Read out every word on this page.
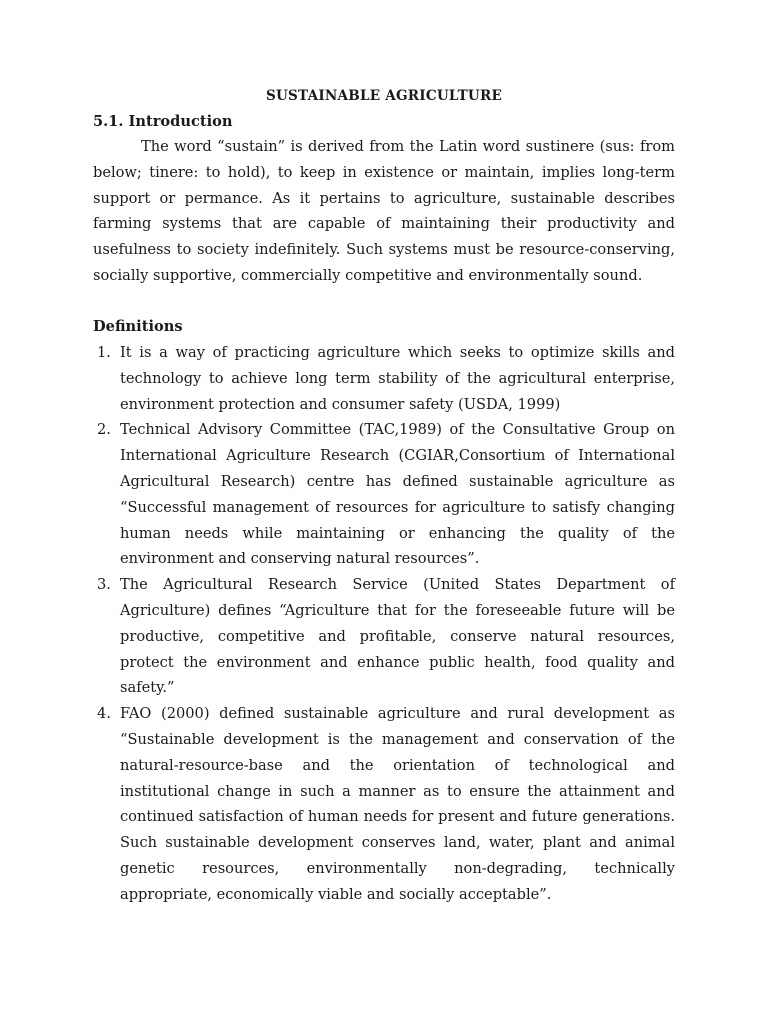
SUSTAINABLE AGRICULTURE
5.1. Introduction

The word “sustain” is derived from the Latin word sustinere (sus: from below; tinere: to hold), to keep in existence or maintain, implies long-term support or permance. As it pertains to agriculture, sustainable describes farming systems that are capable of maintaining their productivity and usefulness to society indefinitely. Such systems must be resource-conserving, socially supportive, commercially competitive and environmentally sound.

Definitions
1. It is a way of practicing agriculture which seeks to optimize skills and technology to achieve long term stability of the agricultural enterprise, environment protection and consumer safety (USDA, 1999)
2. Technical Advisory Committee (TAC,1989) of the Consultative Group on International Agriculture Research (CGIAR,Consortium of International Agricultural Research) centre has defined sustainable agriculture as “Successful management of resources for agriculture to satisfy changing human needs while maintaining or enhancing the quality of the environment and conserving natural resources”.
3. The Agricultural Research Service (United States Department of Agriculture) defines “Agriculture that for the foreseeable future will be productive, competitive and profitable, conserve natural resources, protect the environment and enhance public health, food quality and safety.”
4. FAO (2000) defined sustainable agriculture and rural development as “Sustainable development is the management and conservation of the natural-resource-base and the orientation of technological and institutional change in such a manner as to ensure the attainment and continued satisfaction of human needs for present and future generations. Such sustainable development conserves land, water, plant and animal genetic resources, environmentally non-degrading, technically appropriate, economically viable and socially acceptable”.
